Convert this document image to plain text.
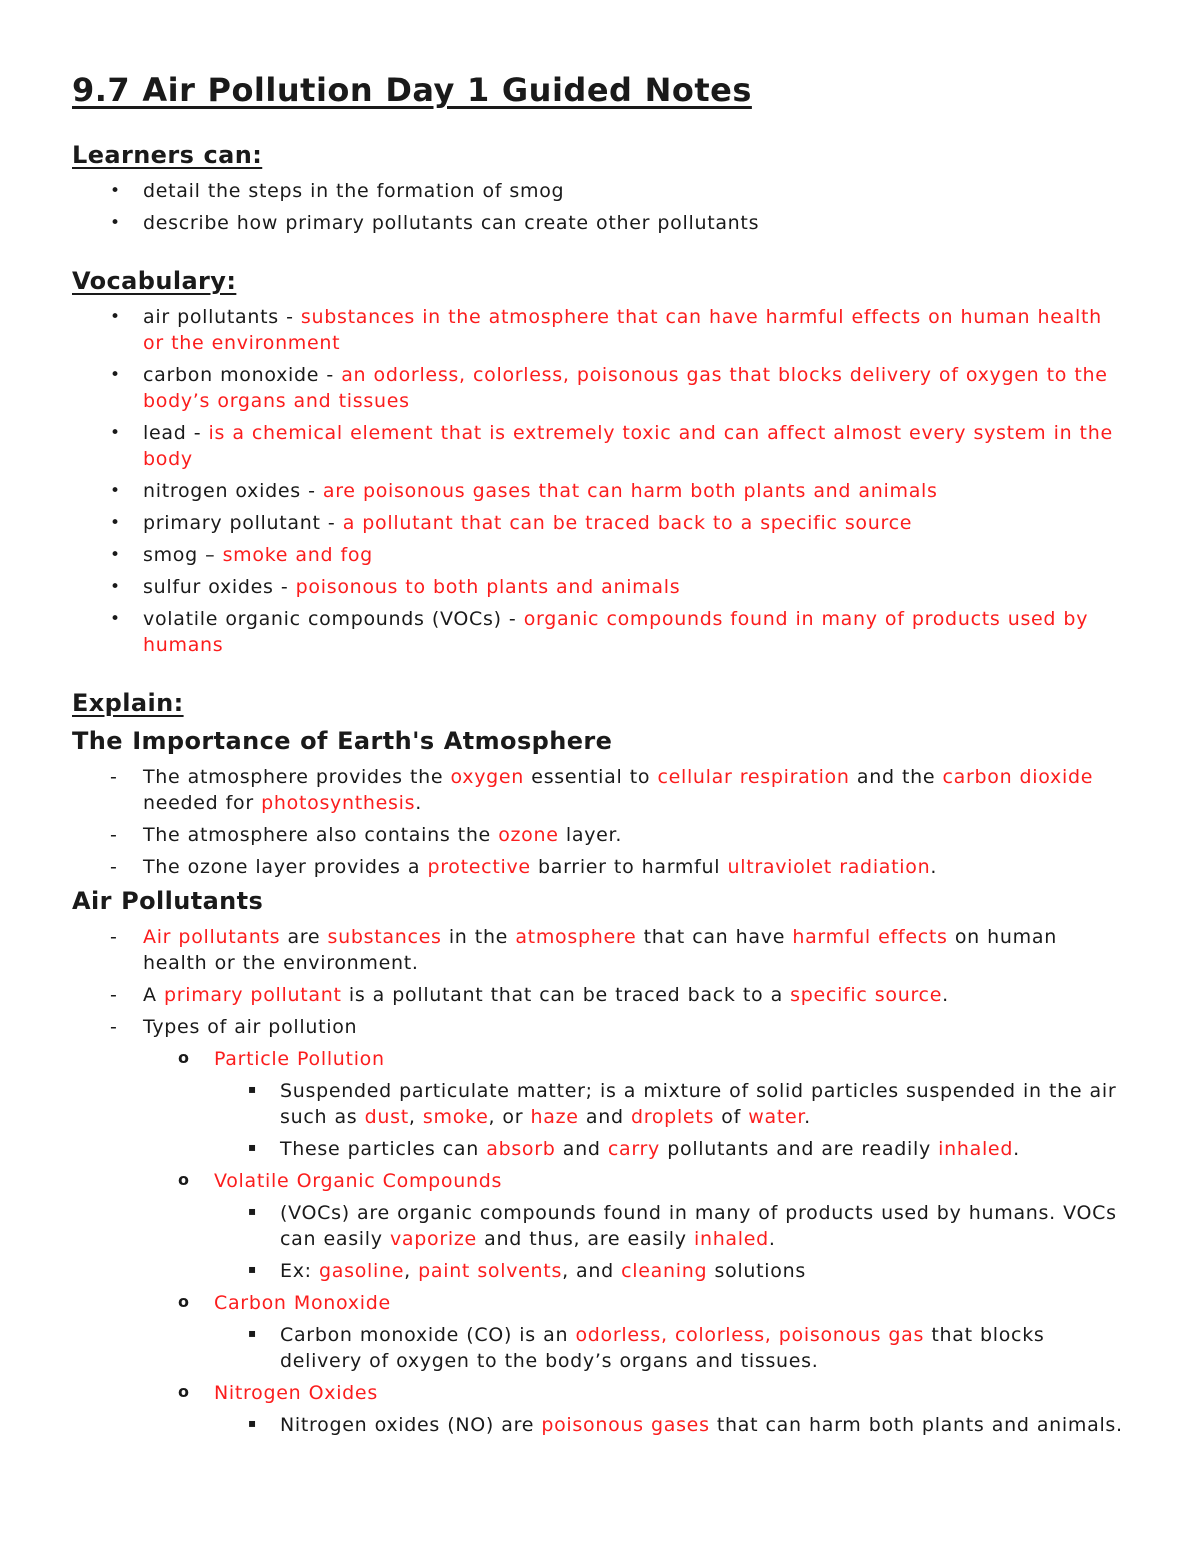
9.7 Air Pollution Day 1 Guided Notes
Learners can:
• detail the steps in the formation of smog
• describe how primary pollutants can create other pollutants
Vocabulary:
• air pollutants - substances in the atmosphere that can have harmful effects on human health or the environment
• carbon monoxide - an odorless, colorless, poisonous gas that blocks delivery of oxygen to the body’s organs and tissues
• lead - is a chemical element that is extremely toxic and can affect almost every system in the body
• nitrogen oxides - are poisonous gases that can harm both plants and animals
• primary pollutant - a pollutant that can be traced back to a specific source
• smog – smoke and fog
• sulfur oxides - poisonous to both plants and animals
• volatile organic compounds (VOCs) - organic compounds found in many of products used by humans
Explain:
The Importance of Earth's Atmosphere
- The atmosphere provides the oxygen essential to cellular respiration and the carbon dioxide needed for photosynthesis.
- The atmosphere also contains the ozone layer.
- The ozone layer provides a protective barrier to harmful ultraviolet radiation.
Air Pollutants
- Air pollutants are substances in the atmosphere that can have harmful effects on human health or the environment.
- A primary pollutant is a pollutant that can be traced back to a specific source.
- Types of air pollution
o Particle Pollution
▪ Suspended particulate matter; is a mixture of solid particles suspended in the air such as dust, smoke, or haze and droplets of water.
▪ These particles can absorb and carry pollutants and are readily inhaled.
o Volatile Organic Compounds
▪ (VOCs) are organic compounds found in many of products used by humans. VOCs can easily vaporize and thus, are easily inhaled.
▪ Ex: gasoline, paint solvents, and cleaning solutions
o Carbon Monoxide
▪ Carbon monoxide (CO) is an odorless, colorless, poisonous gas that blocks delivery of oxygen to the body’s organs and tissues.
o Nitrogen Oxides
▪ Nitrogen oxides (NO) are poisonous gases that can harm both plants and animals.
